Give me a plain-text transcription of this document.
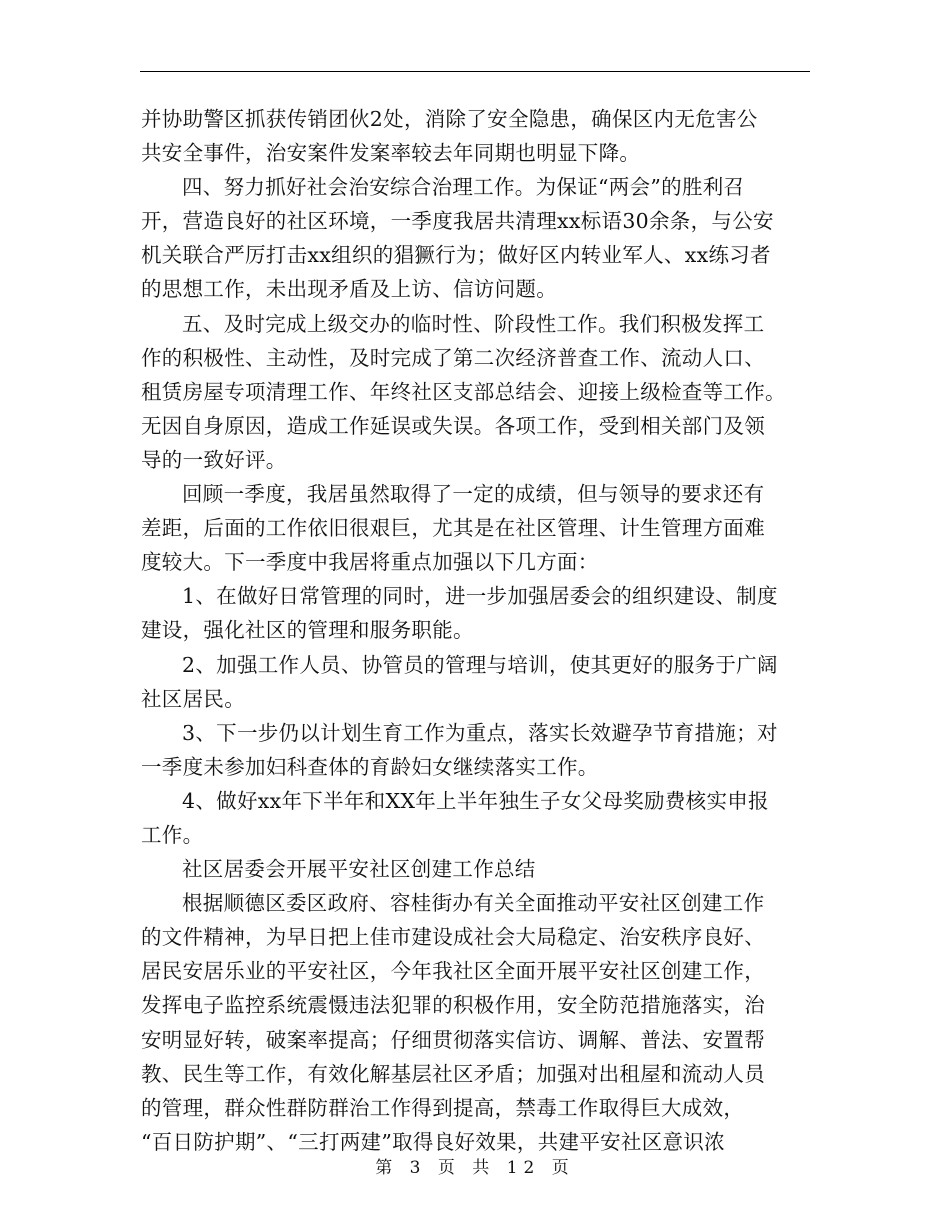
并协助警区抓获传销团伙2处，消除了安全隐患，确保区内无危害公
共安全事件，治安案件发案率较去年同期也明显下降。
四、努力抓好社会治安综合治理工作。为保证“两会”的胜利召
开，营造良好的社区环境，一季度我居共清理xx标语30余条，与公安
机关联合严厉打击xx组织的猖獗行为；做好区内转业军人、xx练习者
的思想工作，未出现矛盾及上访、信访问题。
五、及时完成上级交办的临时性、阶段性工作。我们积极发挥工
作的积极性、主动性，及时完成了第二次经济普查工作、流动人口、
租赁房屋专项清理工作、年终社区支部总结会、迎接上级检查等工作。
无因自身原因，造成工作延误或失误。各项工作，受到相关部门及领
导的一致好评。
回顾一季度，我居虽然取得了一定的成绩，但与领导的要求还有
差距，后面的工作依旧很艰巨，尤其是在社区管理、计生管理方面难
度较大。下一季度中我居将重点加强以下几方面：
1、在做好日常管理的同时，进一步加强居委会的组织建设、制度
建设，强化社区的管理和服务职能。
2、加强工作人员、协管员的管理与培训，使其更好的服务于广阔
社区居民。
3、下一步仍以计划生育工作为重点，落实长效避孕节育措施；对
一季度未参加妇科查体的育龄妇女继续落实工作。
4、做好xx年下半年和XX年上半年独生子女父母奖励费核实申报
工作。
社区居委会开展平安社区创建工作总结
根据顺德区委区政府、容桂街办有关全面推动平安社区创建工作
的文件精神，为早日把上佳市建设成社会大局稳定、治安秩序良好、
居民安居乐业的平安社区，今年我社区全面开展平安社区创建工作，
发挥电子监控系统震慑违法犯罪的积极作用，安全防范措施落实，治
安明显好转，破案率提高；仔细贯彻落实信访、调解、普法、安置帮
教、民生等工作，有效化解基层社区矛盾；加强对出租屋和流动人员
的管理，群众性群防群治工作得到提高，禁毒工作取得巨大成效，
“百日防护期”、“三打两建”取得良好效果，共建平安社区意识浓
第 3 页 共 12 页
